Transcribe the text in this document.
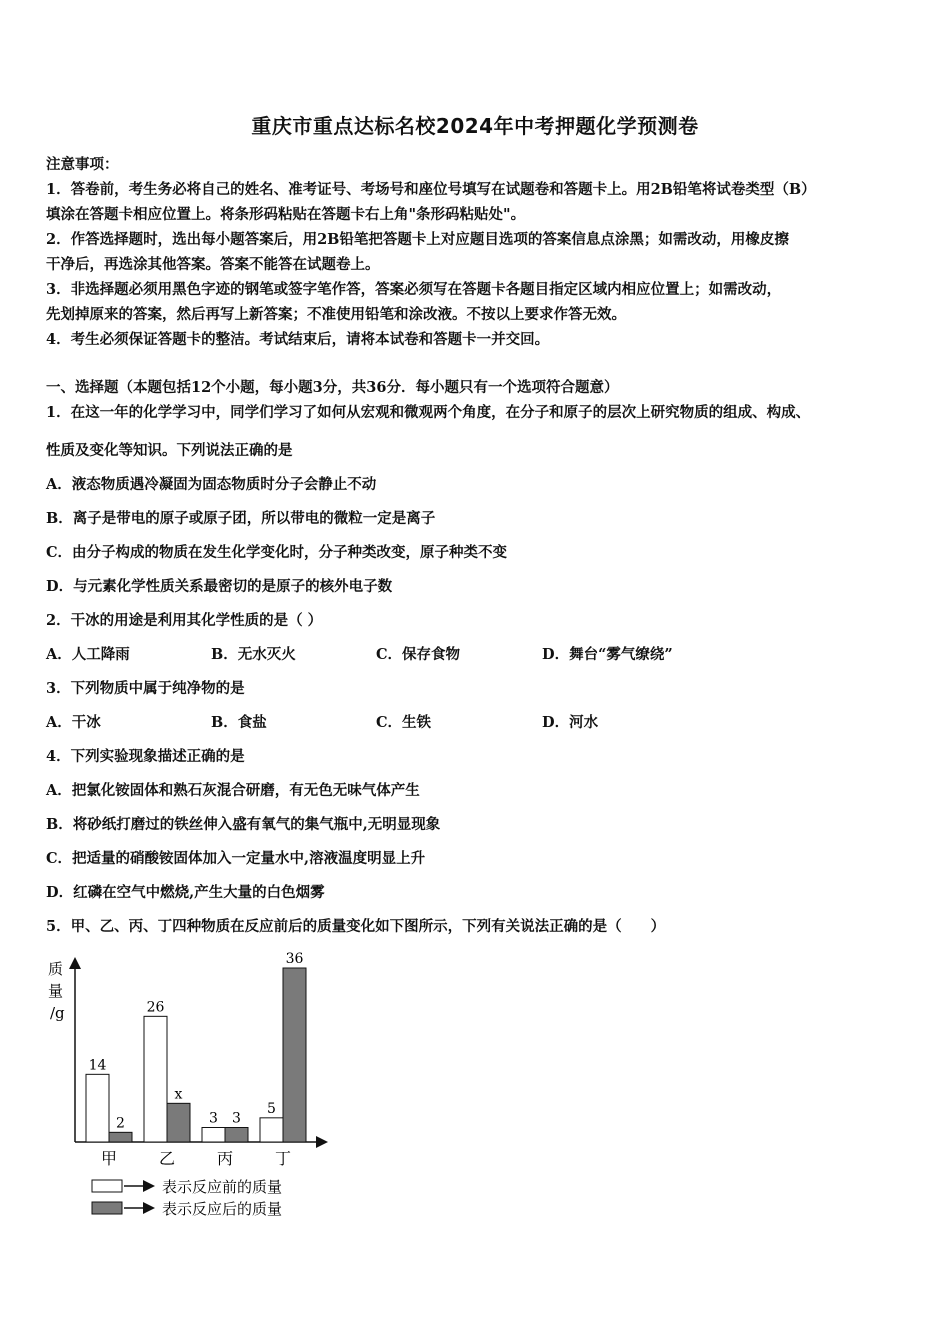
重庆市重点达标名校2024年中考押题化学预测卷
注意事项：
1．答卷前，考生务必将自己的姓名、准考证号、考场号和座位号填写在试题卷和答题卡上。用2B铅笔将试卷类型（B）
填涂在答题卡相应位置上。将条形码粘贴在答题卡右上角"条形码粘贴处"。
2．作答选择题时，选出每小题答案后，用2B铅笔把答题卡上对应题目选项的答案信息点涂黑；如需改动，用橡皮擦
干净后，再选涂其他答案。答案不能答在试题卷上。
3．非选择题必须用黑色字迹的钢笔或签字笔作答，答案必须写在答题卡各题目指定区域内相应位置上；如需改动，
先划掉原来的答案，然后再写上新答案；不准使用铅笔和涂改液。不按以上要求作答无效。
4．考生必须保证答题卡的整洁。考试结束后，请将本试卷和答题卡一并交回。
一、选择题（本题包括12个小题，每小题3分，共36分．每小题只有一个选项符合题意）
1．在这一年的化学学习中，同学们学习了如何从宏观和微观两个角度，在分子和原子的层次上研究物质的组成、构成、
性质及变化等知识。下列说法正确的是
A．液态物质遇冷凝固为固态物质时分子会静止不动
B．离子是带电的原子或原子团，所以带电的微粒一定是离子
C．由分子构成的物质在发生化学变化时，分子种类改变，原子种类不变
D．与元素化学性质关系最密切的是原子的核外电子数
2．干冰的用途是利用其化学性质的是（ ）
A．人工降雨	B．无水灭火	C．保存食物	D．舞台“雾气缭绕”
3．下列物质中属于纯净物的是
A．干冰	B．食盐	C．生铁	D．河水
4．下列实验现象描述正确的是
A．把氯化铵固体和熟石灰混合研磨，有无色无味气体产生
B．将砂纸打磨过的铁丝伸入盛有氧气的集气瓶中,无明显现象
C．把适量的硝酸铵固体加入一定量水中,溶液温度明显上升
D．红磷在空气中燃烧,产生大量的白色烟雾
5．甲、乙、丙、丁四种物质在反应前后的质量变化如下图所示，下列有关说法正确的是（　　）
质
量
/g
14
2
甲
26
x
乙
3 3
丙
5
36
丁
表示反应前的质量
表示反应后的质量
